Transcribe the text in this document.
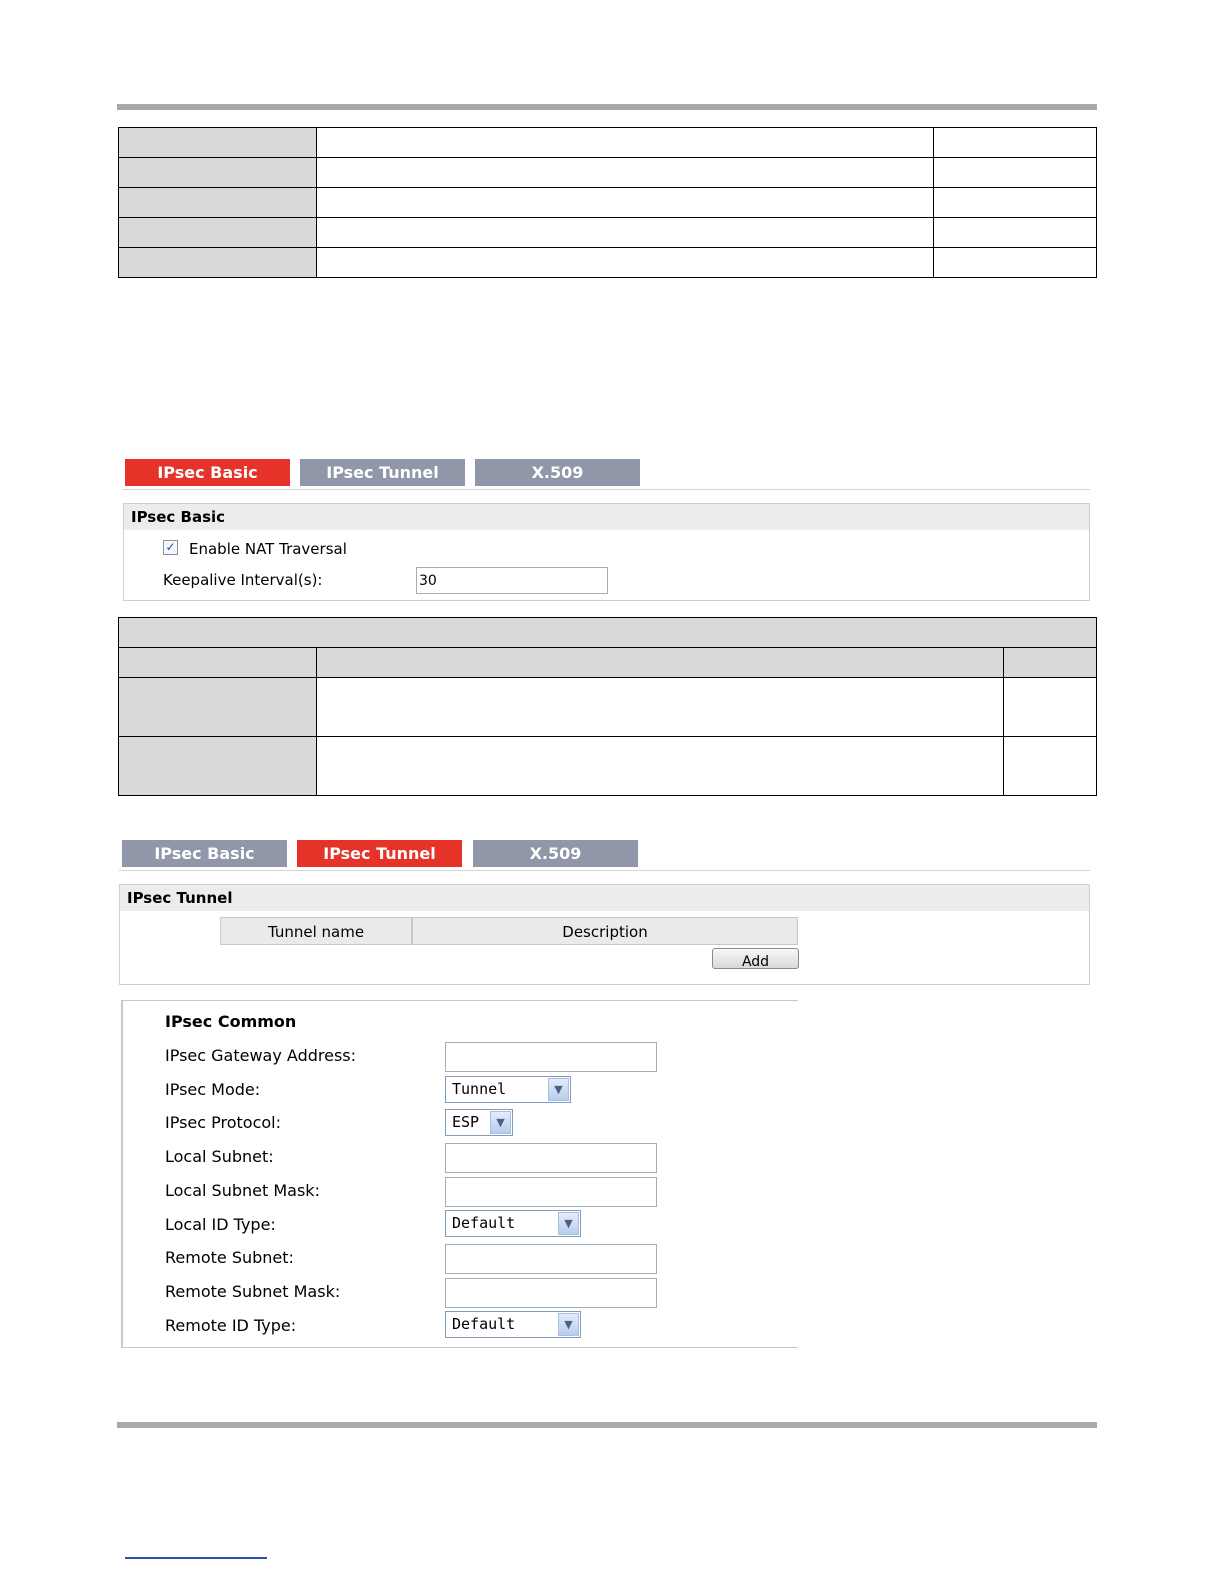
IPsec Basic	IPsec Tunnel	X.509
IPsec Basic
✓ Enable NAT Traversal
Keepalive Interval(s):
30

IPsec Basic	IPsec Tunnel	X.509
IPsec Tunnel
Tunnel name	Description
Add
IPsec Common
IPsec Gateway Address:
IPsec Mode:	Tunnel	▼
IPsec Protocol:	ESP	▼
Local Subnet:
Local Subnet Mask:
Local ID Type:	Default	▼
Remote Subnet:
Remote Subnet Mask:
Remote ID Type:	Default	▼
